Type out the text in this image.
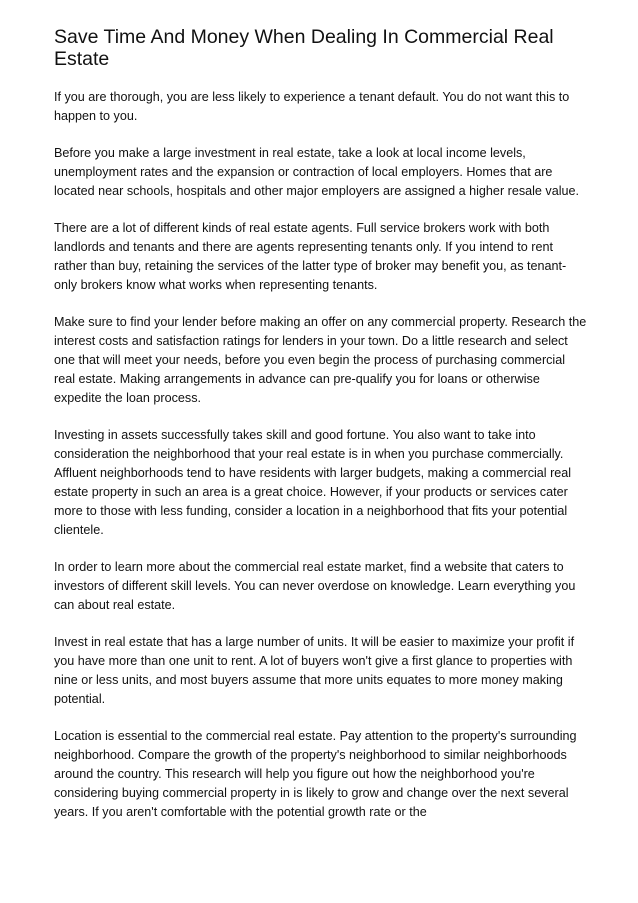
Save Time And Money When Dealing In Commercial Real Estate

If you are thorough, you are less likely to experience a tenant default. You do not want this to happen to you.

Before you make a large investment in real estate, take a look at local income levels, unemployment rates and the expansion or contraction of local employers. Homes that are located near schools, hospitals and other major employers are assigned a higher resale value.

There are a lot of different kinds of real estate agents. Full service brokers work with both landlords and tenants and there are agents representing tenants only. If you intend to rent rather than buy, retaining the services of the latter type of broker may benefit you, as tenant-only brokers know what works when representing tenants.

Make sure to find your lender before making an offer on any commercial property. Research the interest costs and satisfaction ratings for lenders in your town. Do a little research and select one that will meet your needs, before you even begin the process of purchasing commercial real estate. Making arrangements in advance can pre-qualify you for loans or otherwise expedite the loan process.

Investing in assets successfully takes skill and good fortune. You also want to take into consideration the neighborhood that your real estate is in when you purchase commercially. Affluent neighborhoods tend to have residents with larger budgets, making a commercial real estate property in such an area is a great choice. However, if your products or services cater more to those with less funding, consider a location in a neighborhood that fits your potential clientele.

In order to learn more about the commercial real estate market, find a website that caters to investors of different skill levels. You can never overdose on knowledge. Learn everything you can about real estate.

Invest in real estate that has a large number of units. It will be easier to maximize your profit if you have more than one unit to rent. A lot of buyers won't give a first glance to properties with nine or less units, and most buyers assume that more units equates to more money making potential.

Location is essential to the commercial real estate. Pay attention to the property's surrounding neighborhood. Compare the growth of the property's neighborhood to similar neighborhoods around the country. This research will help you figure out how the neighborhood you're considering buying commercial property in is likely to grow and change over the next several years. If you aren't comfortable with the potential growth rate or the
